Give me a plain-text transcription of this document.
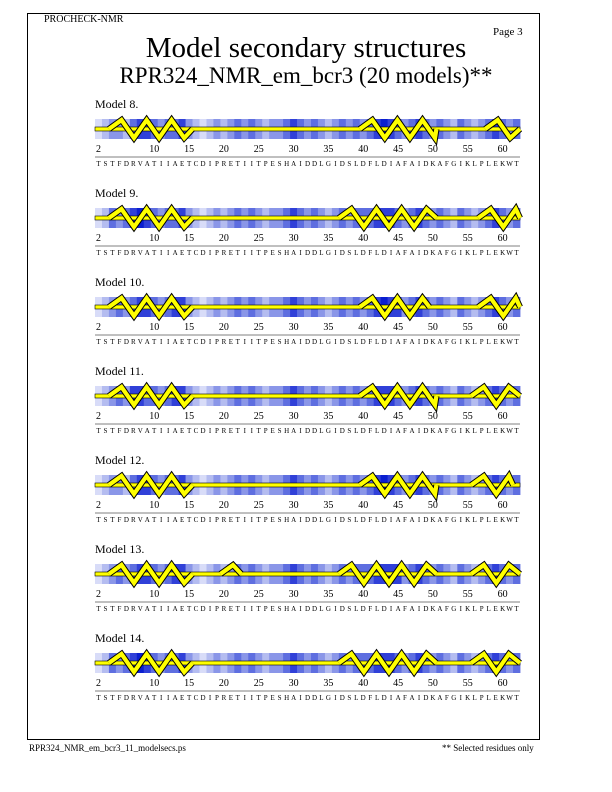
PROCHECK-NMR
Page 3
Model secondary structures
RPR324_NMR_em_bcr3 (20 models)**
Model 8.
2	10 15 20 25 30 35 40 45 50 55 60
T S T F D R V A T I I A E T C D I P R E T I I T P E S H A I D D L G I D S L D F L D I A F A I D K A F G I K L P L E K W T
Model 9.
2	10 15 20 25 30 35 40 45 50 55 60
T S T F D R V A T I I A E T C D I P R E T I I T P E S H A I D D L G I D S L D F L D I A F A I D K A F G I K L P L E K W T
Model 10.
2	10 15 20 25 30 35 40 45 50 55 60
T S T F D R V A T I I A E T C D I P R E T I I T P E S H A I D D L G I D S L D F L D I A F A I D K A F G I K L P L E K W T
Model 11.
2	10 15 20 25 30 35 40 45 50 55 60
T S T F D R V A T I I A E T C D I P R E T I I T P E S H A I D D L G I D S L D F L D I A F A I D K A F G I K L P L E K W T
Model 12.
2	10 15 20 25 30 35 40 45 50 55 60
T S T F D R V A T I I A E T C D I P R E T I I T P E S H A I D D L G I D S L D F L D I A F A I D K A F G I K L P L E K W T
Model 13.
2	10 15 20 25 30 35 40 45 50 55 60
T S T F D R V A T I I A E T C D I P R E T I I T P E S H A I D D L G I D S L D F L D I A F A I D K A F G I K L P L E K W T
Model 14.
2	10 15 20 25 30 35 40 45 50 55 60
T S T F D R V A T I I A E T C D I P R E T I I T P E S H A I D D L G I D S L D F L D I A F A I D K A F G I K L P L E K W T
RPR324_NMR_em_bcr3_11_modelsecs.ps	** Selected residues only
